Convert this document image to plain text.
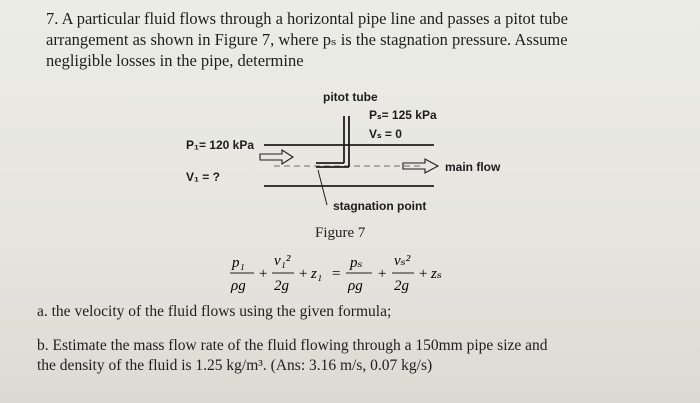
7. A particular fluid flows through a horizontal pipe line and passes a pitot tube
arrangement as shown in Figure 7, where pₛ is the stagnation pressure. Assume
negligible losses in the pipe, determine

pitot tube
Pₛ= 125 kPa
Vₛ = 0
P₁= 120 kPa
V₁ = ?
main flow
stagnation point
Figure 7
p₁
ρg
+
v₁²
2g
+ z₁ =
pₛ
ρg
+
vₛ²
2g
+ zₛ
a. the velocity of the fluid flows using the given formula;
b. Estimate the mass flow rate of the fluid flowing through a 150mm pipe size and
the density of the fluid is 1.25 kg/m³. (Ans: 3.16 m/s, 0.07 kg/s)
